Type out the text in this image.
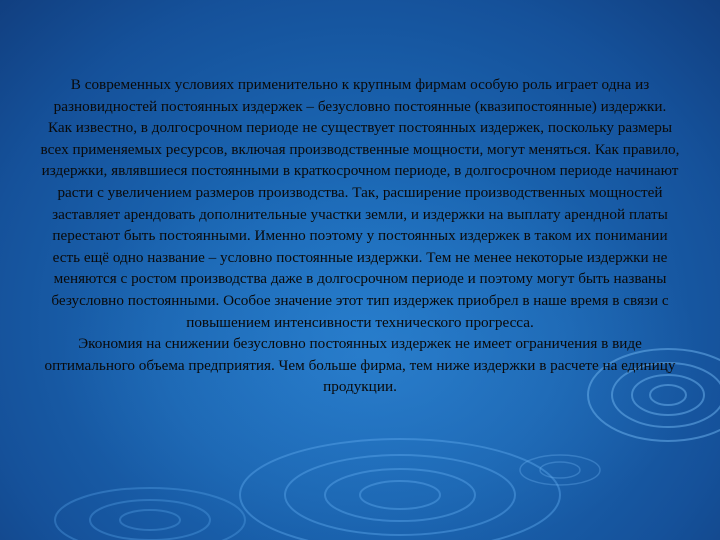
В современных условиях применительно к крупным фирмам особую роль играет одна из разновидностей постоянных издержек – безусловно постоянные (квазипостоянные) издержки. Как известно, в долгосрочном периоде не существует постоянных издержек, поскольку размеры всех применяемых ресурсов, включая производственные мощности, могут меняться. Как правило, издержки, являвшиеся постоянными в краткосрочном периоде, в долгосрочном периоде начинают расти с увеличением размеров производства. Так, расширение производственных мощностей заставляет арендовать дополнительные участки земли, и издержки на выплату арендной платы перестают быть постоянными. Именно поэтому у постоянных издержек в таком их понимании есть ещё одно название – условно постоянные издержки. Тем не менее некоторые издержки не меняются с ростом производства даже в долгосрочном периоде и поэтому могут быть названы безусловно постоянными. Особое значение этот тип издержек приобрел в наше время в связи с повышением интенсивности технического прогресса.

Экономия на снижении безусловно постоянных издержек не имеет ограничения в виде оптимального объема предприятия. Чем больше фирма, тем ниже издержки в расчете на единицу продукции.
